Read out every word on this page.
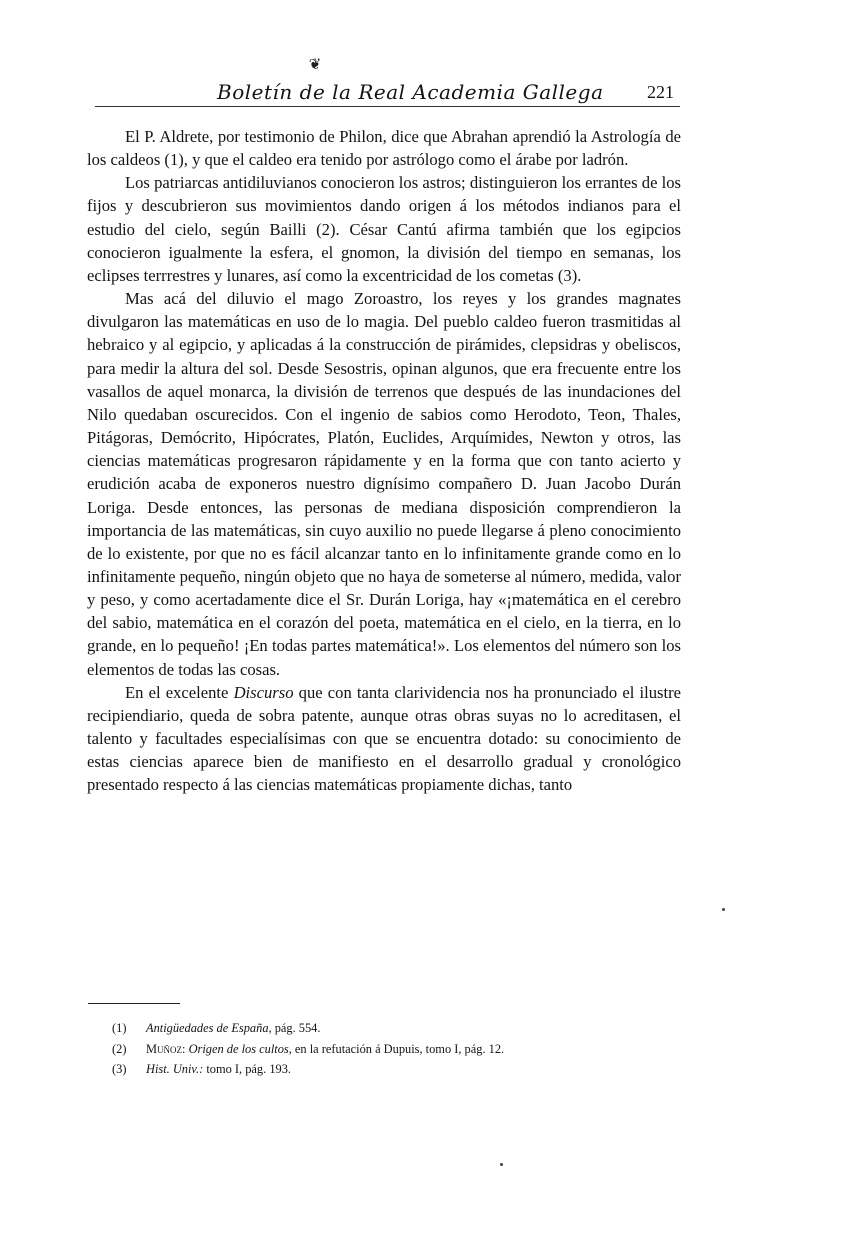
❦
Boletín de la Real Academia Gallega 221

El P. Aldrete, por testimonio de Philon, dice que Abrahan aprendió la Astrología de los caldeos (1), y que el caldeo era tenido por astrólogo como el árabe por ladrón.

Los patriarcas antidiluvianos conocieron los astros; distinguieron los errantes de los fijos y descubrieron sus movimientos dando origen á los métodos indianos para el estudio del cielo, según Bailli (2). César Cantú afirma también que los egipcios conocieron igualmente la esfera, el gnomon, la división del tiempo en semanas, los eclipses terrrestres y lunares, así como la excentricidad de los cometas (3).

Mas acá del diluvio el mago Zoroastro, los reyes y los grandes magnates divulgaron las matemáticas en uso de lo magia. Del pueblo caldeo fueron trasmitidas al hebraico y al egipcio, y aplicadas á la construcción de pirámides, clepsidras y obeliscos, para medir la altura del sol. Desde Sesostris, opinan algunos, que era frecuente entre los vasallos de aquel monarca, la división de terrenos que después de las inundaciones del Nilo quedaban oscurecidos. Con el ingenio de sabios como Herodoto, Teon, Thales, Pitágoras, Demócrito, Hipócrates, Platón, Euclides, Arquímides, Newton y otros, las ciencias matemáticas progresaron rápidamente y en la forma que con tanto acierto y erudición acaba de exponeros nuestro dignísimo compañero D. Juan Jacobo Durán Loriga. Desde entonces, las personas de mediana disposición comprendieron la importancia de las matemáticas, sin cuyo auxilio no puede llegarse á pleno conocimiento de lo existente, por que no es fácil alcanzar tanto en lo infinitamente grande como en lo infinitamente pequeño, ningún objeto que no haya de someterse al número, medida, valor y peso, y como acertadamente dice el Sr. Durán Loriga, hay «¡matemática en el cerebro del sabio, matemática en el corazón del poeta, matemática en el cielo, en la tierra, en lo grande, en lo pequeño! ¡En todas partes matemática!». Los elementos del número son los elementos de todas las cosas.

En el excelente Discurso que con tanta clarividencia nos ha pronunciado el ilustre recipiendiario, queda de sobra patente, aunque otras obras suyas no lo acreditasen, el talento y facultades especialísimas con que se encuentra dotado: su conocimiento de estas ciencias aparece bien de manifiesto en el desarrollo gradual y cronológico presentado respecto á las ciencias matemáticas propiamente dichas, tanto

(1) Antigüedades de España, pág. 554.

(2) Muñoz: Origen de los cultos, en la refutación á Dupuis, tomo I, pág. 12.

(3) Hist. Univ.: tomo I, pág. 193.
